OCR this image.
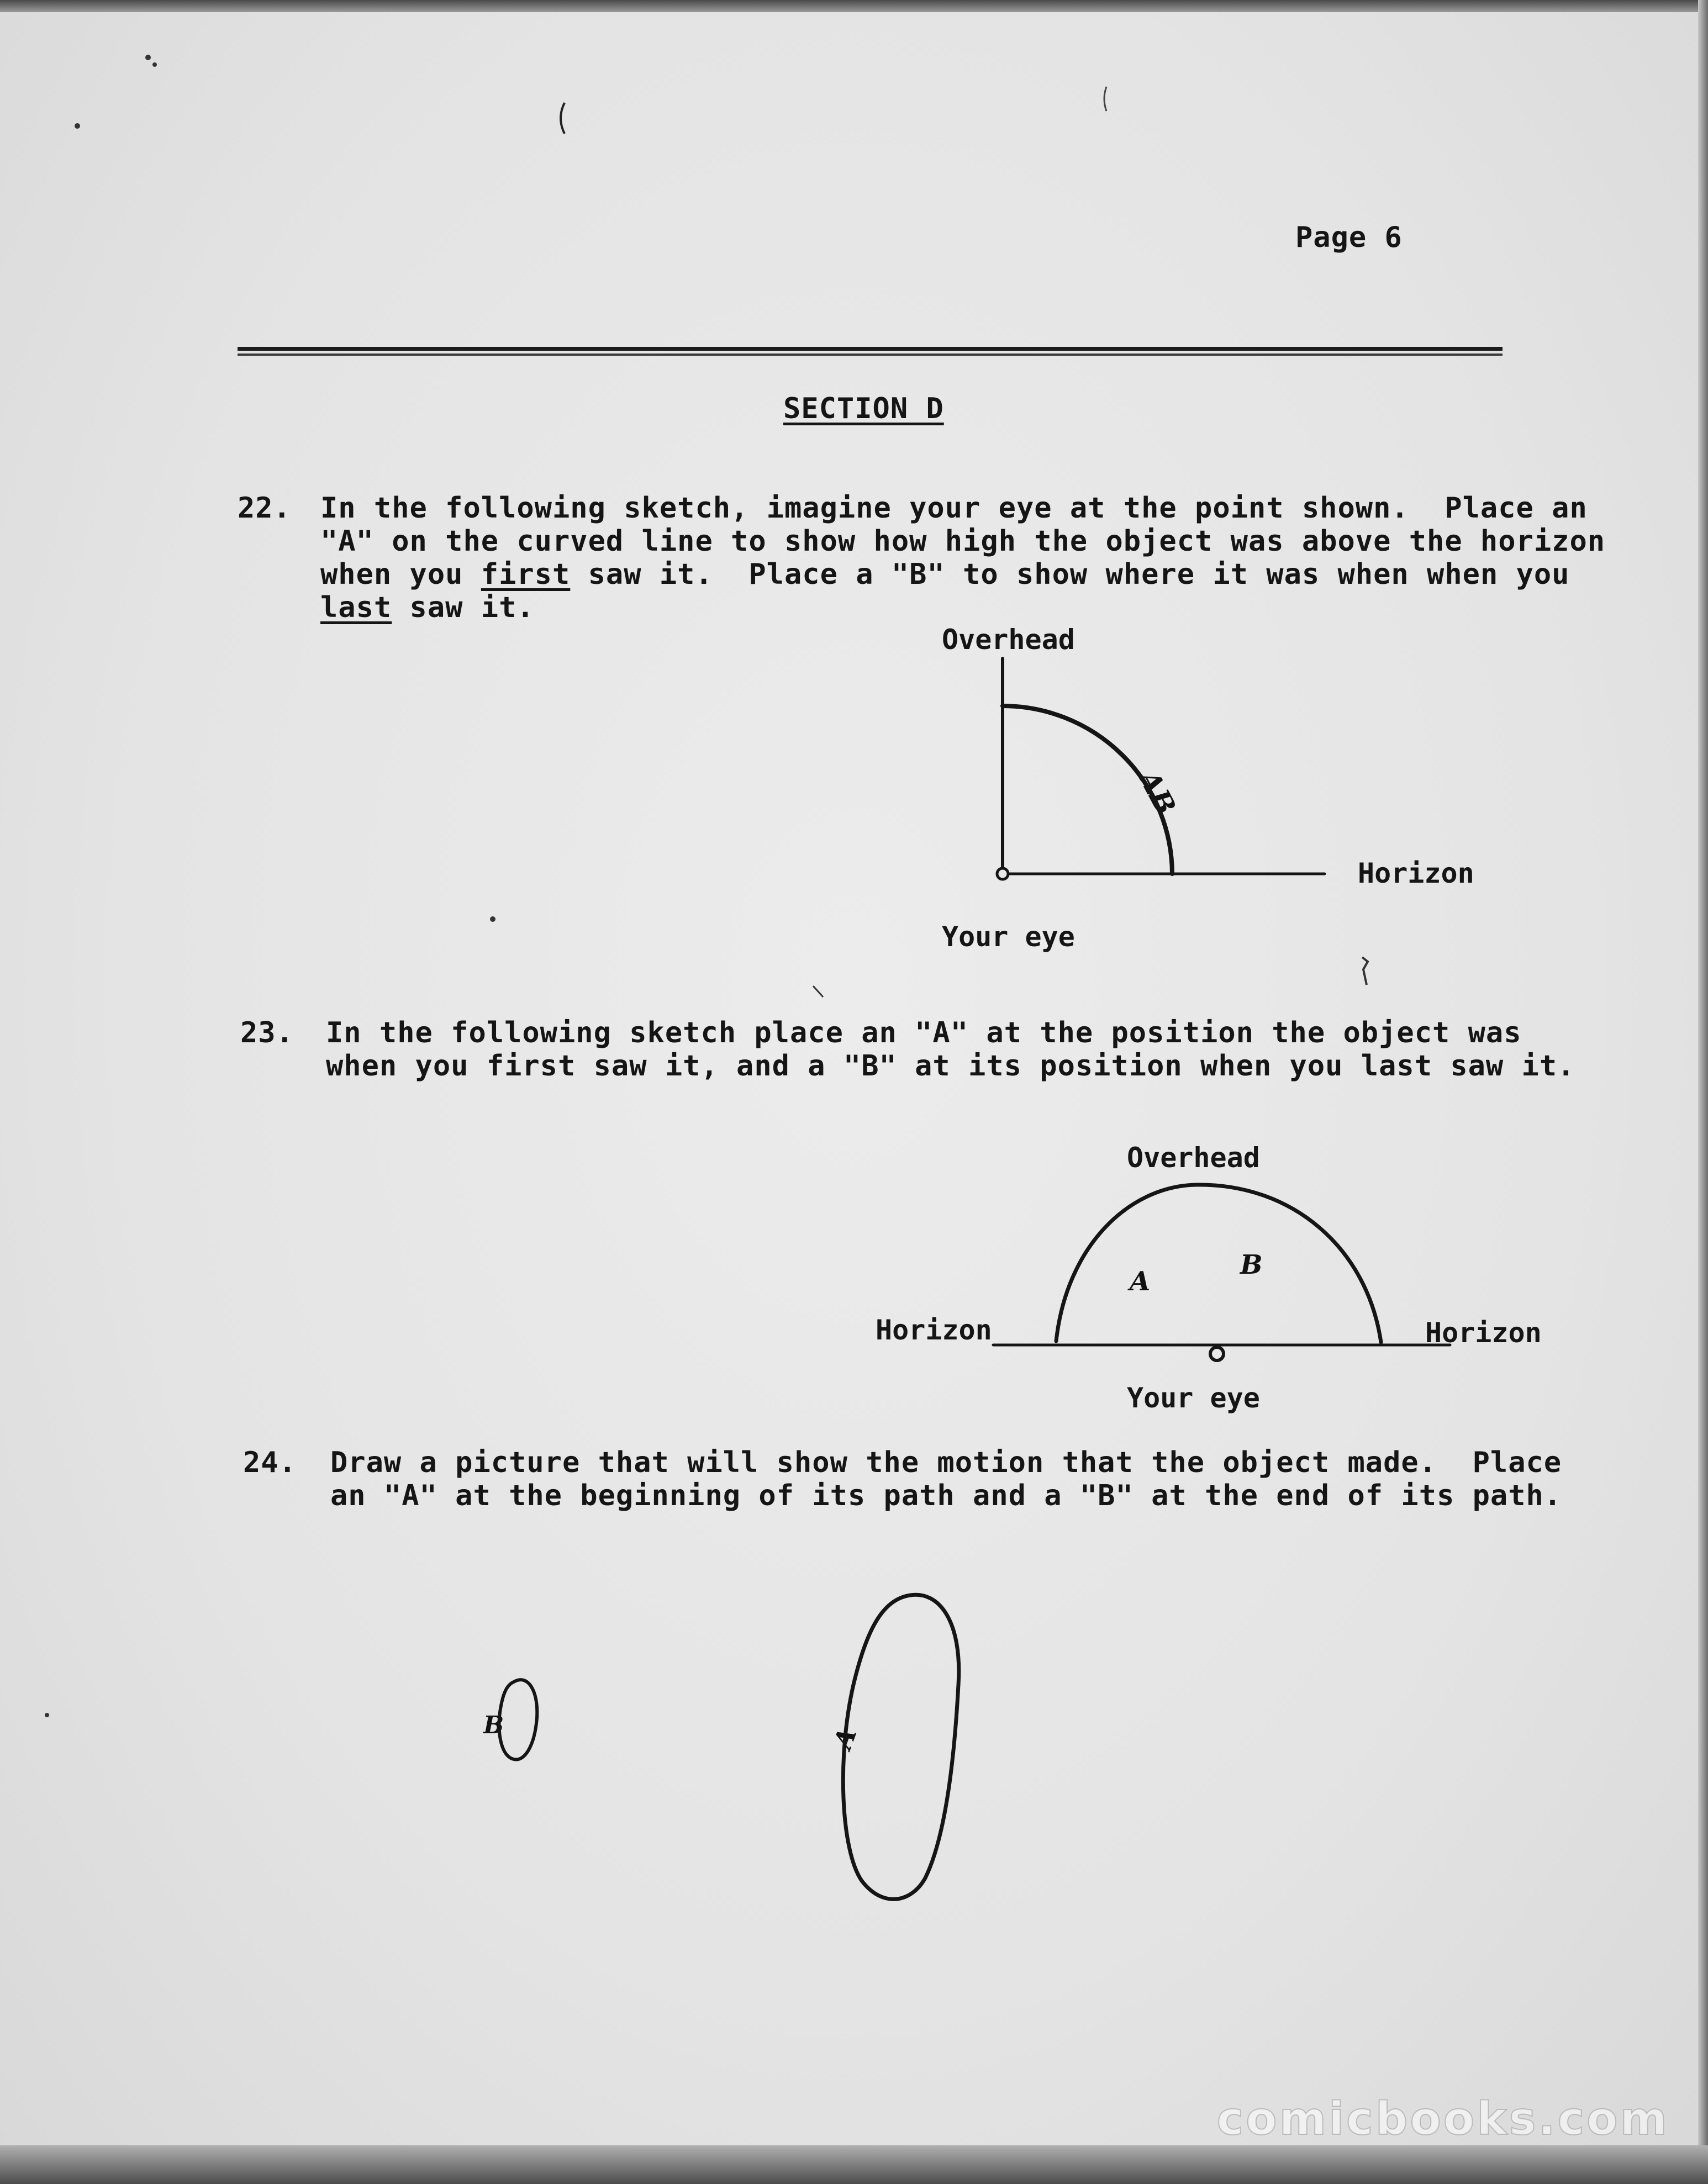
Page 6
SECTION D
22. In the following sketch, imagine your eye at the point shown.  Place an
"A" on the curved line to show how high the object was above the horizon
when you first saw it.  Place a "B" to show where it was when when you
last saw it.
Overhead
Horizon
Your eye
AB
23. In the following sketch place an "A" at the position the object was
when you first saw it, and a "B" at its position when you last saw it.
Overhead
Horizon	Horizon
Your eye
A
B
24. Draw a picture that will show the motion that the object made.  Place
an "A" at the beginning of its path and a "B" at the end of its path.
B	A
comicbooks.com
